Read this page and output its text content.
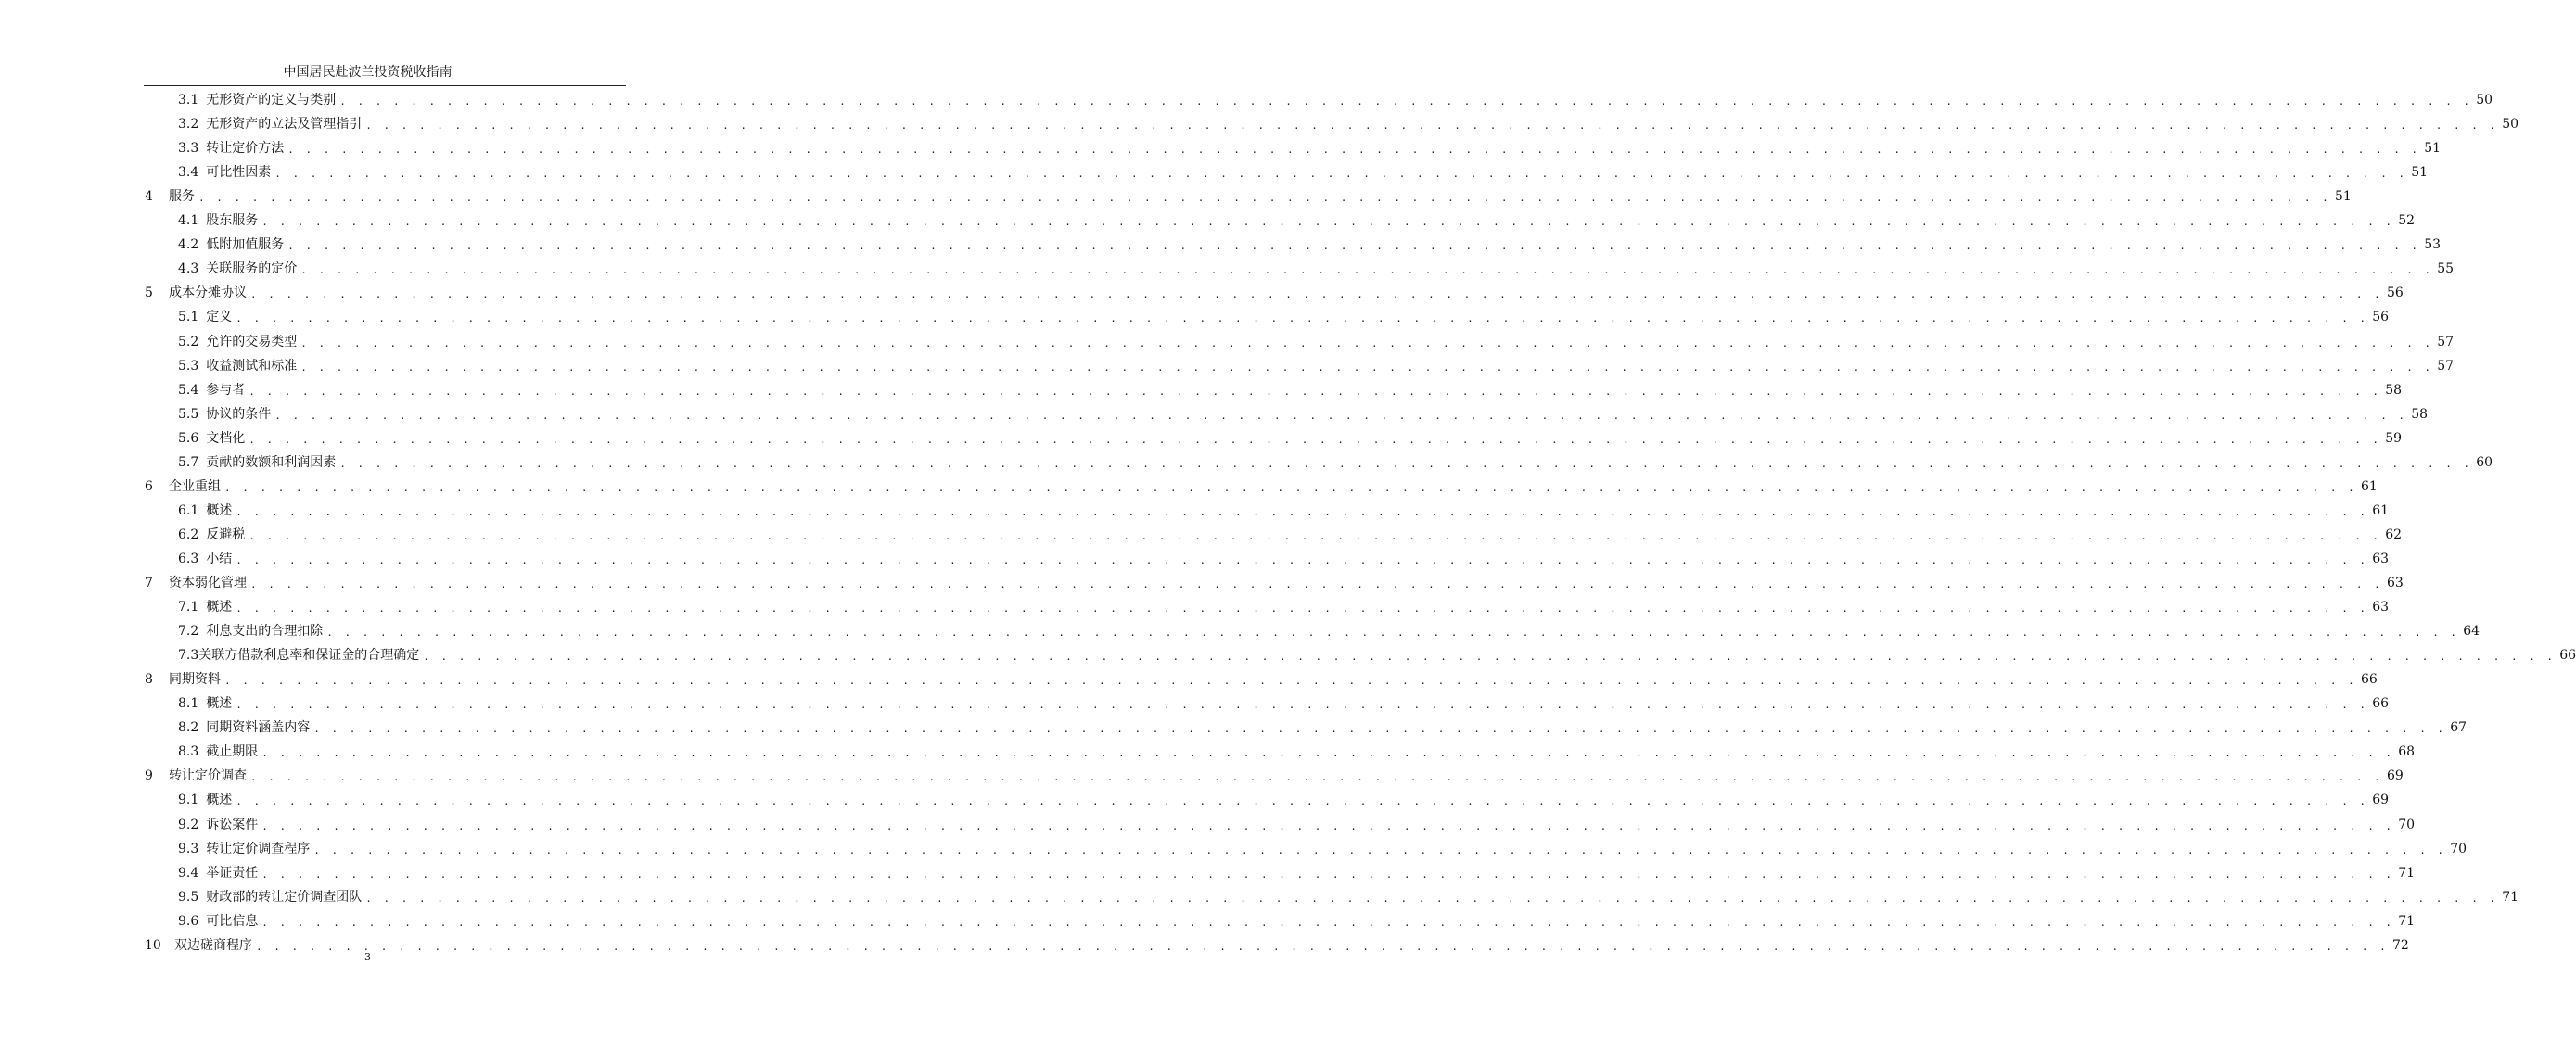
中国居民赴波兰投资税收指南
3.1 无形资产的定义与类别 . . . . . . . . . . . . . . . . . . . . . . . . . . . . . . . . . . . . . . . . . . . . . . . . . . . . . . . . . . . . . . . . . . . . . . . . . . . . . . . . . . . . . . . . . . . . . . . . . . . . . . . . . . . . . . . . . . . . . . . . 50
3.2 无形资产的立法及管理指引 . . . . . . . . . . . . . . . . . . . . . . . . . . . . . . . . . . . . . . . . . . . . . . . . . . . . . . . . . . . . . . . . . . . . . . . . . . . . . . . . . . . . . . . . . . . . . . . . . . . . . . . . . . . . . . . . . . . . . . . . 50
3.3 转让定价方法 . . . . . . . . . . . . . . . . . . . . . . . . . . . . . . . . . . . . . . . . . . . . . . . . . . . . . . . . . . . . . . . . . . . . . . . . . . . . . . . . . . . . . . . . . . . . . . . . . . . . . . . . . . . . . . . . . . . . . . . . 51
3.4 可比性因素 . . . . . . . . . . . . . . . . . . . . . . . . . . . . . . . . . . . . . . . . . . . . . . . . . . . . . . . . . . . . . . . . . . . . . . . . . . . . . . . . . . . . . . . . . . . . . . . . . . . . . . . . . . . . . . . . . . . . . . . . 51
4	服务 . . . . . . . . . . . . . . . . . . . . . . . . . . . . . . . . . . . . . . . . . . . . . . . . . . . . . . . . . . . . . . . . . . . . . . . . . . . . . . . . . . . . . . . . . . . . . . . . . . . . . . . . . . . . . . . . . . . . . . . . 51
4.1 股东服务 . . . . . . . . . . . . . . . . . . . . . . . . . . . . . . . . . . . . . . . . . . . . . . . . . . . . . . . . . . . . . . . . . . . . . . . . . . . . . . . . . . . . . . . . . . . . . . . . . . . . . . . . . . . . . . . . . . . . . . . . 52
4.2 低附加值服务 . . . . . . . . . . . . . . . . . . . . . . . . . . . . . . . . . . . . . . . . . . . . . . . . . . . . . . . . . . . . . . . . . . . . . . . . . . . . . . . . . . . . . . . . . . . . . . . . . . . . . . . . . . . . . . . . . . . . . . . . 53
4.3 关联服务的定价 . . . . . . . . . . . . . . . . . . . . . . . . . . . . . . . . . . . . . . . . . . . . . . . . . . . . . . . . . . . . . . . . . . . . . . . . . . . . . . . . . . . . . . . . . . . . . . . . . . . . . . . . . . . . . . . . . . . . . . . . 55
5	成本分摊协议 . . . . . . . . . . . . . . . . . . . . . . . . . . . . . . . . . . . . . . . . . . . . . . . . . . . . . . . . . . . . . . . . . . . . . . . . . . . . . . . . . . . . . . . . . . . . . . . . . . . . . . . . . . . . . . . . . . . . . . . . 56
5.1 定义 . . . . . . . . . . . . . . . . . . . . . . . . . . . . . . . . . . . . . . . . . . . . . . . . . . . . . . . . . . . . . . . . . . . . . . . . . . . . . . . . . . . . . . . . . . . . . . . . . . . . . . . . . . . . . . . . . . . . . . . . 56
5.2 允许的交易类型 . . . . . . . . . . . . . . . . . . . . . . . . . . . . . . . . . . . . . . . . . . . . . . . . . . . . . . . . . . . . . . . . . . . . . . . . . . . . . . . . . . . . . . . . . . . . . . . . . . . . . . . . . . . . . . . . . . . . . . . . 57
5.3 收益测试和标准 . . . . . . . . . . . . . . . . . . . . . . . . . . . . . . . . . . . . . . . . . . . . . . . . . . . . . . . . . . . . . . . . . . . . . . . . . . . . . . . . . . . . . . . . . . . . . . . . . . . . . . . . . . . . . . . . . . . . . . . . 57
5.4 参与者 . . . . . . . . . . . . . . . . . . . . . . . . . . . . . . . . . . . . . . . . . . . . . . . . . . . . . . . . . . . . . . . . . . . . . . . . . . . . . . . . . . . . . . . . . . . . . . . . . . . . . . . . . . . . . . . . . . . . . . . . 58
5.5 协议的条件 . . . . . . . . . . . . . . . . . . . . . . . . . . . . . . . . . . . . . . . . . . . . . . . . . . . . . . . . . . . . . . . . . . . . . . . . . . . . . . . . . . . . . . . . . . . . . . . . . . . . . . . . . . . . . . . . . . . . . . . . 58
5.6 文档化 . . . . . . . . . . . . . . . . . . . . . . . . . . . . . . . . . . . . . . . . . . . . . . . . . . . . . . . . . . . . . . . . . . . . . . . . . . . . . . . . . . . . . . . . . . . . . . . . . . . . . . . . . . . . . . . . . . . . . . . . 59
5.7 贡献的数额和利润因素 . . . . . . . . . . . . . . . . . . . . . . . . . . . . . . . . . . . . . . . . . . . . . . . . . . . . . . . . . . . . . . . . . . . . . . . . . . . . . . . . . . . . . . . . . . . . . . . . . . . . . . . . . . . . . . . . . . . . . . . . 60
6	企业重组 . . . . . . . . . . . . . . . . . . . . . . . . . . . . . . . . . . . . . . . . . . . . . . . . . . . . . . . . . . . . . . . . . . . . . . . . . . . . . . . . . . . . . . . . . . . . . . . . . . . . . . . . . . . . . . . . . . . . . . . . 61
6.1 概述 . . . . . . . . . . . . . . . . . . . . . . . . . . . . . . . . . . . . . . . . . . . . . . . . . . . . . . . . . . . . . . . . . . . . . . . . . . . . . . . . . . . . . . . . . . . . . . . . . . . . . . . . . . . . . . . . . . . . . . . . 61
6.2 反避税 . . . . . . . . . . . . . . . . . . . . . . . . . . . . . . . . . . . . . . . . . . . . . . . . . . . . . . . . . . . . . . . . . . . . . . . . . . . . . . . . . . . . . . . . . . . . . . . . . . . . . . . . . . . . . . . . . . . . . . . . 62
6.3 小结 . . . . . . . . . . . . . . . . . . . . . . . . . . . . . . . . . . . . . . . . . . . . . . . . . . . . . . . . . . . . . . . . . . . . . . . . . . . . . . . . . . . . . . . . . . . . . . . . . . . . . . . . . . . . . . . . . . . . . . . . 63
7	资本弱化管理 . . . . . . . . . . . . . . . . . . . . . . . . . . . . . . . . . . . . . . . . . . . . . . . . . . . . . . . . . . . . . . . . . . . . . . . . . . . . . . . . . . . . . . . . . . . . . . . . . . . . . . . . . . . . . . . . . . . . . . . . 63
7.1 概述 . . . . . . . . . . . . . . . . . . . . . . . . . . . . . . . . . . . . . . . . . . . . . . . . . . . . . . . . . . . . . . . . . . . . . . . . . . . . . . . . . . . . . . . . . . . . . . . . . . . . . . . . . . . . . . . . . . . . . . . . 63
7.2 利息支出的合理扣除 . . . . . . . . . . . . . . . . . . . . . . . . . . . . . . . . . . . . . . . . . . . . . . . . . . . . . . . . . . . . . . . . . . . . . . . . . . . . . . . . . . . . . . . . . . . . . . . . . . . . . . . . . . . . . . . . . . . . . . . . 64
7.3 关联方借款利息率和保证金的合理确定 . . . . . . . . . . . . . . . . . . . . . . . . . . . . . . . . . . . . . . . . . . . . . . . . . . . . . . . . . . . . . . . . . . . . . . . . . . . . . . . . . . . . . . . . . . . . . . . . . . . . . . . . . . . . . . . . . . . . . . . . 66
8	同期资料 . . . . . . . . . . . . . . . . . . . . . . . . . . . . . . . . . . . . . . . . . . . . . . . . . . . . . . . . . . . . . . . . . . . . . . . . . . . . . . . . . . . . . . . . . . . . . . . . . . . . . . . . . . . . . . . . . . . . . . . . 66
8.1 概述 . . . . . . . . . . . . . . . . . . . . . . . . . . . . . . . . . . . . . . . . . . . . . . . . . . . . . . . . . . . . . . . . . . . . . . . . . . . . . . . . . . . . . . . . . . . . . . . . . . . . . . . . . . . . . . . . . . . . . . . . 66
8.2 同期资料涵盖内容 . . . . . . . . . . . . . . . . . . . . . . . . . . . . . . . . . . . . . . . . . . . . . . . . . . . . . . . . . . . . . . . . . . . . . . . . . . . . . . . . . . . . . . . . . . . . . . . . . . . . . . . . . . . . . . . . . . . . . . . . 67
8.3 截止期限 . . . . . . . . . . . . . . . . . . . . . . . . . . . . . . . . . . . . . . . . . . . . . . . . . . . . . . . . . . . . . . . . . . . . . . . . . . . . . . . . . . . . . . . . . . . . . . . . . . . . . . . . . . . . . . . . . . . . . . . . 68
9	转让定价调查 . . . . . . . . . . . . . . . . . . . . . . . . . . . . . . . . . . . . . . . . . . . . . . . . . . . . . . . . . . . . . . . . . . . . . . . . . . . . . . . . . . . . . . . . . . . . . . . . . . . . . . . . . . . . . . . . . . . . . . . . 69
9.1 概述 . . . . . . . . . . . . . . . . . . . . . . . . . . . . . . . . . . . . . . . . . . . . . . . . . . . . . . . . . . . . . . . . . . . . . . . . . . . . . . . . . . . . . . . . . . . . . . . . . . . . . . . . . . . . . . . . . . . . . . . . 69
9.2 诉讼案件 . . . . . . . . . . . . . . . . . . . . . . . . . . . . . . . . . . . . . . . . . . . . . . . . . . . . . . . . . . . . . . . . . . . . . . . . . . . . . . . . . . . . . . . . . . . . . . . . . . . . . . . . . . . . . . . . . . . . . . . . 70
9.3 转让定价调查程序 . . . . . . . . . . . . . . . . . . . . . . . . . . . . . . . . . . . . . . . . . . . . . . . . . . . . . . . . . . . . . . . . . . . . . . . . . . . . . . . . . . . . . . . . . . . . . . . . . . . . . . . . . . . . . . . . . . . . . . . . 70
9.4 举证责任 . . . . . . . . . . . . . . . . . . . . . . . . . . . . . . . . . . . . . . . . . . . . . . . . . . . . . . . . . . . . . . . . . . . . . . . . . . . . . . . . . . . . . . . . . . . . . . . . . . . . . . . . . . . . . . . . . . . . . . . . 71
9.5 财政部的转让定价调查团队 . . . . . . . . . . . . . . . . . . . . . . . . . . . . . . . . . . . . . . . . . . . . . . . . . . . . . . . . . . . . . . . . . . . . . . . . . . . . . . . . . . . . . . . . . . . . . . . . . . . . . . . . . . . . . . . . . . . . . . . . 71
9.6 可比信息 . . . . . . . . . . . . . . . . . . . . . . . . . . . . . . . . . . . . . . . . . . . . . . . . . . . . . . . . . . . . . . . . . . . . . . . . . . . . . . . . . . . . . . . . . . . . . . . . . . . . . . . . . . . . . . . . . . . . . . . . 71
10	双边磋商程序 . . . . . . . . . . . . . . . . . . . . . . . . . . . . . . . . . . . . . . . . . . . . . . . . . . . . . . . . . . . . . . . . . . . . . . . . . . . . . . . . . . . . . . . . . . . . . . . . . . . . . . . . . . . . . . . . . . . . . . . . 72
3
